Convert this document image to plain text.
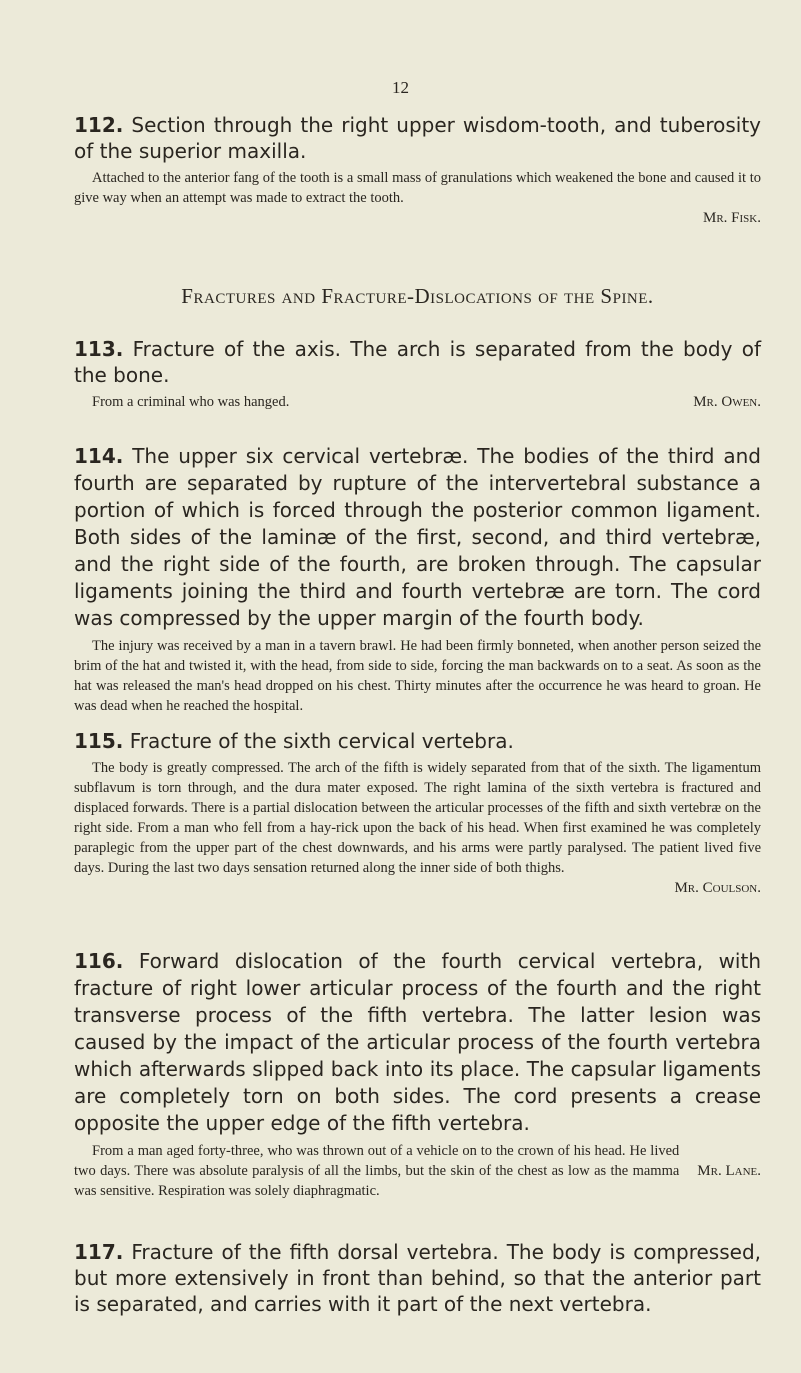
12

112. Section through the right upper wisdom-tooth, and tuberosity of the superior maxilla.

Attached to the anterior fang of the tooth is a small mass of granulations which weakened the bone and caused it to give way when an attempt was made to extract the tooth.
Mr. Fisk.

Fractures and Fracture-Dislocations of the Spine.

113. Fracture of the axis. The arch is separated from the body of the bone.

Mr. Owen.
From a criminal who was hanged.

114. The upper six cervical vertebræ. The bodies of the third and fourth are separated by rupture of the intervertebral substance a portion of which is forced through the posterior common ligament. Both sides of the laminæ of the first, second, and third vertebræ, and the right side of the fourth, are broken through. The capsular ligaments joining the third and fourth vertebræ are torn. The cord was compressed by the upper margin of the fourth body.

The injury was received by a man in a tavern brawl. He had been firmly bonneted, when another person seized the brim of the hat and twisted it, with the head, from side to side, forcing the man backwards on to a seat. As soon as the hat was released the man's head dropped on his chest. Thirty minutes after the occurrence he was heard to groan. He was dead when he reached the hospital.

115. Fracture of the sixth cervical vertebra.

The body is greatly compressed. The arch of the fifth is widely separated from that of the sixth. The ligamentum subflavum is torn through, and the dura mater exposed. The right lamina of the sixth vertebra is fractured and displaced forwards. There is a partial dislocation between the articular processes of the fifth and sixth vertebræ on the right side. From a man who fell from a hay-rick upon the back of his head. When first examined he was completely paraplegic from the upper part of the chest downwards, and his arms were partly paralysed. The patient lived five days. During the last two days sensation returned along the inner side of both thighs.
Mr. Coulson.

116. Forward dislocation of the fourth cervical vertebra, with fracture of right lower articular process of the fourth and the right transverse process of the fifth vertebra. The latter lesion was caused by the impact of the articular process of the fourth vertebra which afterwards slipped back into its place. The capsular ligaments are completely torn on both sides. The cord presents a crease opposite the upper edge of the fifth vertebra.

Mr. Lane.
From a man aged forty-three, who was thrown out of a vehicle on to the crown of his head. He lived two days. There was absolute paralysis of all the limbs, but the skin of the chest as low as the mamma was sensitive. Respiration was solely diaphragmatic.

117. Fracture of the fifth dorsal vertebra. The body is compressed, but more extensively in front than behind, so that the anterior part is separated, and carries with it part of the next vertebra.
